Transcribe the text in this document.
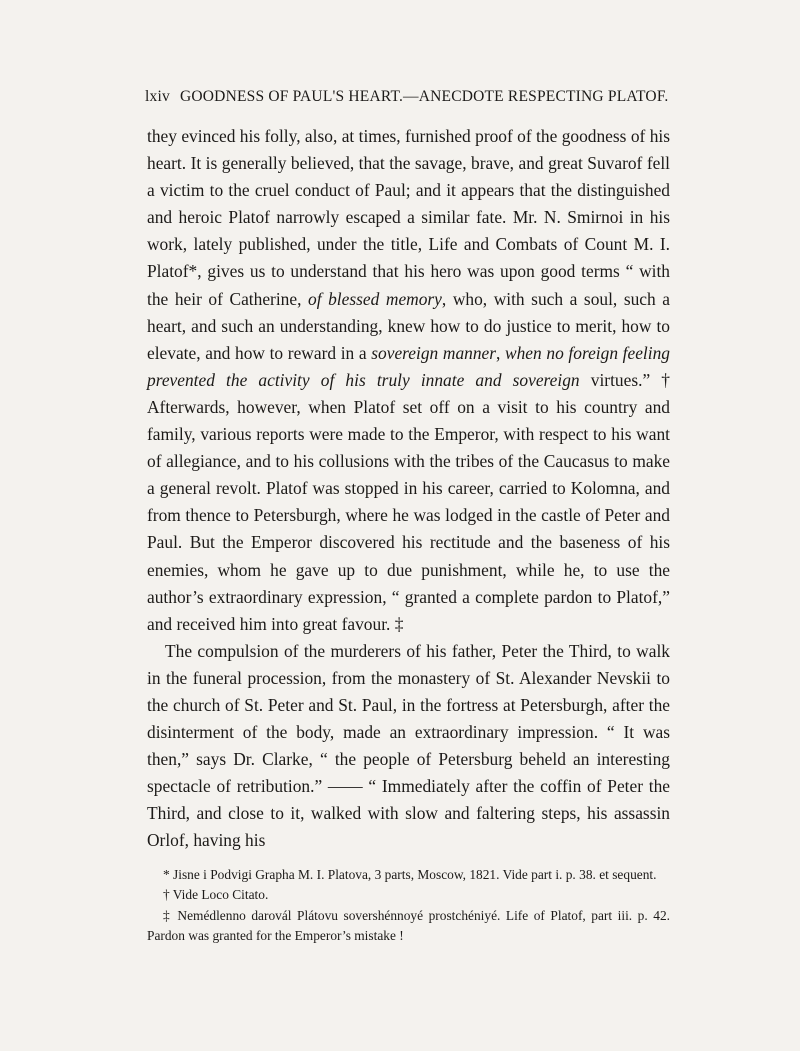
lxiv GOODNESS OF PAUL'S HEART.—ANECDOTE RESPECTING PLATOF.

they evinced his folly, also, at times, furnished proof of the goodness of his heart. It is generally believed, that the savage, brave, and great Suvarof fell a victim to the cruel conduct of Paul; and it appears that the distinguished and heroic Platof narrowly escaped a similar fate. Mr. N. Smirnoi in his work, lately published, under the title, Life and Combats of Count M. I. Platof*, gives us to understand that his hero was upon good terms “ with the heir of Catherine, of blessed memory, who, with such a soul, such a heart, and such an understanding, knew how to do justice to merit, how to elevate, and how to reward in a sovereign manner, when no foreign feeling prevented the activity of his truly innate and sovereign virtues.” † Afterwards, however, when Platof set off on a visit to his country and family, various reports were made to the Emperor, with respect to his want of allegiance, and to his collusions with the tribes of the Caucasus to make a general revolt. Platof was stopped in his career, carried to Kolomna, and from thence to Petersburgh, where he was lodged in the castle of Peter and Paul. But the Emperor discovered his rectitude and the baseness of his enemies, whom he gave up to due punishment, while he, to use the author’s extraordinary expression, “ granted a complete pardon to Platof,” and received him into great favour. ‡

The compulsion of the murderers of his father, Peter the Third, to walk in the funeral procession, from the monastery of St. Alexander Nevskii to the church of St. Peter and St. Paul, in the fortress at Petersburgh, after the disinterment of the body, made an extraordinary impression. “ It was then,” says Dr. Clarke, “ the people of Petersburg beheld an interesting spectacle of retribution.” —— “ Immediately after the coffin of Peter the Third, and close to it, walked with slow and faltering steps, his assassin Orlof, having his

* Jisne i Podvigi Grapha M. I. Platova, 3 parts, Moscow, 1821. Vide part i. p. 38. et sequent.

† Vide Loco Citato.

‡ Nemédlenno darovál Plátovu sovershénnoyé prostchéniyé. Life of Platof, part iii. p. 42. Pardon was granted for the Emperor’s mistake !
